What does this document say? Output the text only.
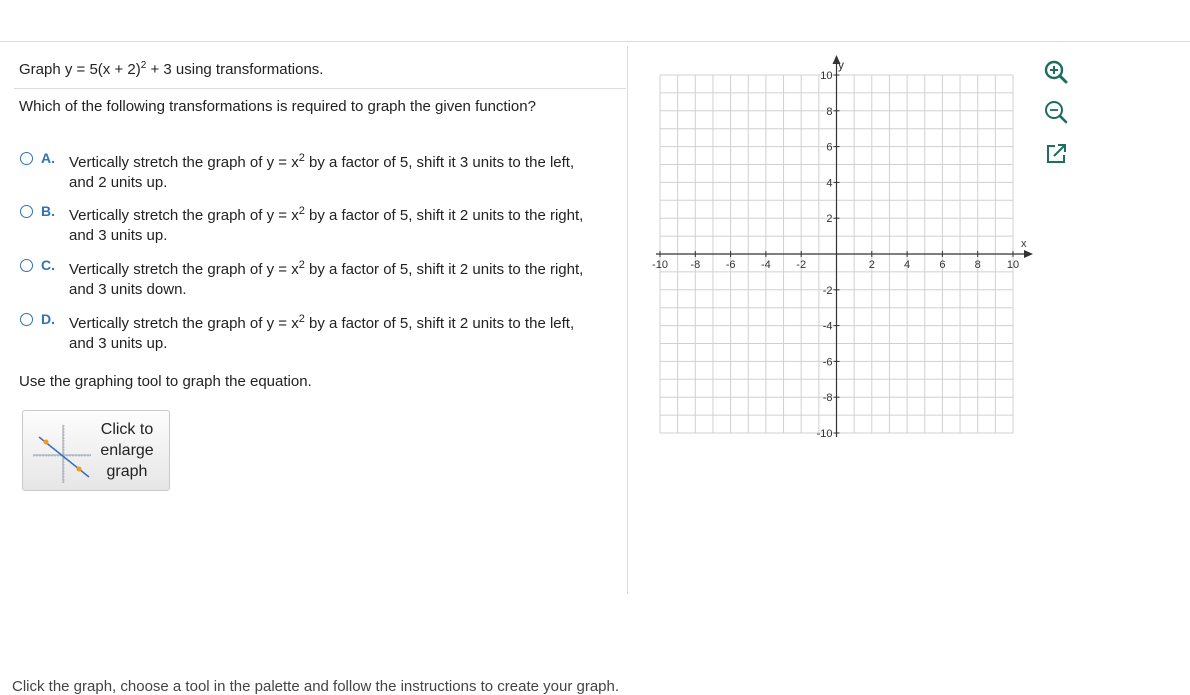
Graph $y = 5(x + 2)^2 + 3$ using transformations.
Which of the following transformations is required to graph the given function?
A. Vertically stretch the graph of $y = x^2$ by a factor of 5, shift it 3 units to the left, and 2 units up.
B. Vertically stretch the graph of $y = x^2$ by a factor of 5, shift it 2 units to the right, and 3 units up.
C. Vertically stretch the graph of $y = x^2$ by a factor of 5, shift it 2 units to the right, and 3 units down.
D. Vertically stretch the graph of $y = x^2$ by a factor of 5, shift it 2 units to the left, and 3 units up.
Use the graphing tool to graph the equation.
Click to enlarge graph
-10 -8 -6 -4 -2	2	4	6	8 10
10
8
6
4
2
-2
-4
-6
-8
-10
x
y
Click the graph, choose a tool in the palette and follow the instructions to create your graph.
